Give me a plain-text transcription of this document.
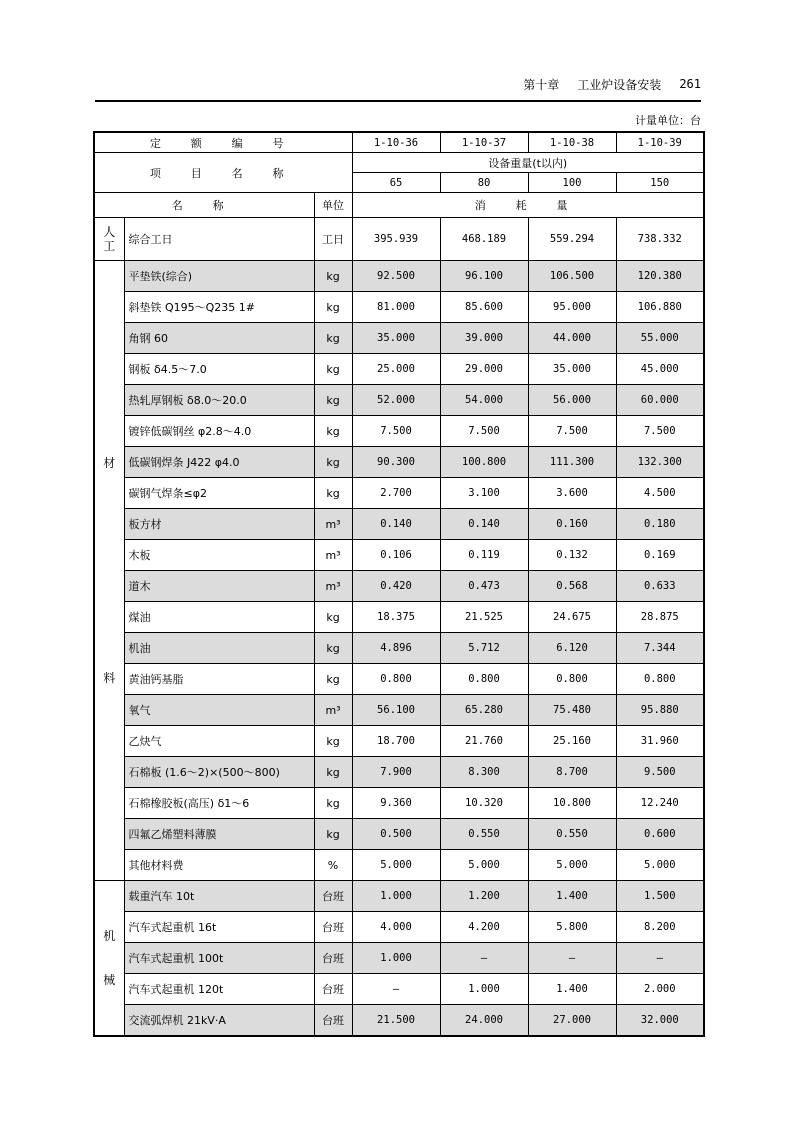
第十章 工业炉设备安装 261
计量单位：台
定 额 编 号			1-10-36	1-10-37	1-10-38	1-10-39
项 目 名 称			设备重量(t以内)			
			65	80	100	150
名 称		单位	消 耗 量			

人
工	综合工日	工日	395.939	468.189	559.294	738.332

材
料	平垫铁(综合)	kg	92.500	96.100	106.500	120.380
	斜垫铁 Q195～Q235 1#	kg	81.000	85.600	95.000	106.880
	角钢 60	kg	35.000	39.000	44.000	55.000
	钢板 δ4.5～7.0	kg	25.000	29.000	35.000	45.000
	热轧厚钢板 δ8.0～20.0	kg	52.000	54.000	56.000	60.000
	镀锌低碳钢丝 φ2.8～4.0	kg	7.500	7.500	7.500	7.500
	低碳钢焊条 J422 φ4.0	kg	90.300	100.800	111.300	132.300
	碳钢气焊条≤φ2	kg	2.700	3.100	3.600	4.500
	板方材	m³	0.140	0.140	0.160	0.180
	木板	m³	0.106	0.119	0.132	0.169
	道木	m³	0.420	0.473	0.568	0.633
	煤油	kg	18.375	21.525	24.675	28.875
	机油	kg	4.896	5.712	6.120	7.344
	黄油钙基脂	kg	0.800	0.800	0.800	0.800
	氧气	m³	56.100	65.280	75.480	95.880
	乙炔气	kg	18.700	21.760	25.160	31.960
	石棉板 (1.6～2)×(500～800)	kg	7.900	8.300	8.700	9.500
	石棉橡胶板(高压) δ1～6	kg	9.360	10.320	10.800	12.240
	四氟乙烯塑料薄膜	kg	0.500	0.550	0.550	0.600
	其他材料费	%	5.000	5.000	5.000	5.000

机
械	载重汽车 10t	台班	1.000	1.200	1.400	1.500
	汽车式起重机 16t	台班	4.000	4.200	5.800	8.200
	汽车式起重机 100t	台班	1.000	—	—	—
	汽车式起重机 120t	台班	—	1.000	1.400	2.000
	交流弧焊机 21kV·A	台班	21.500	24.000	27.000	32.000
